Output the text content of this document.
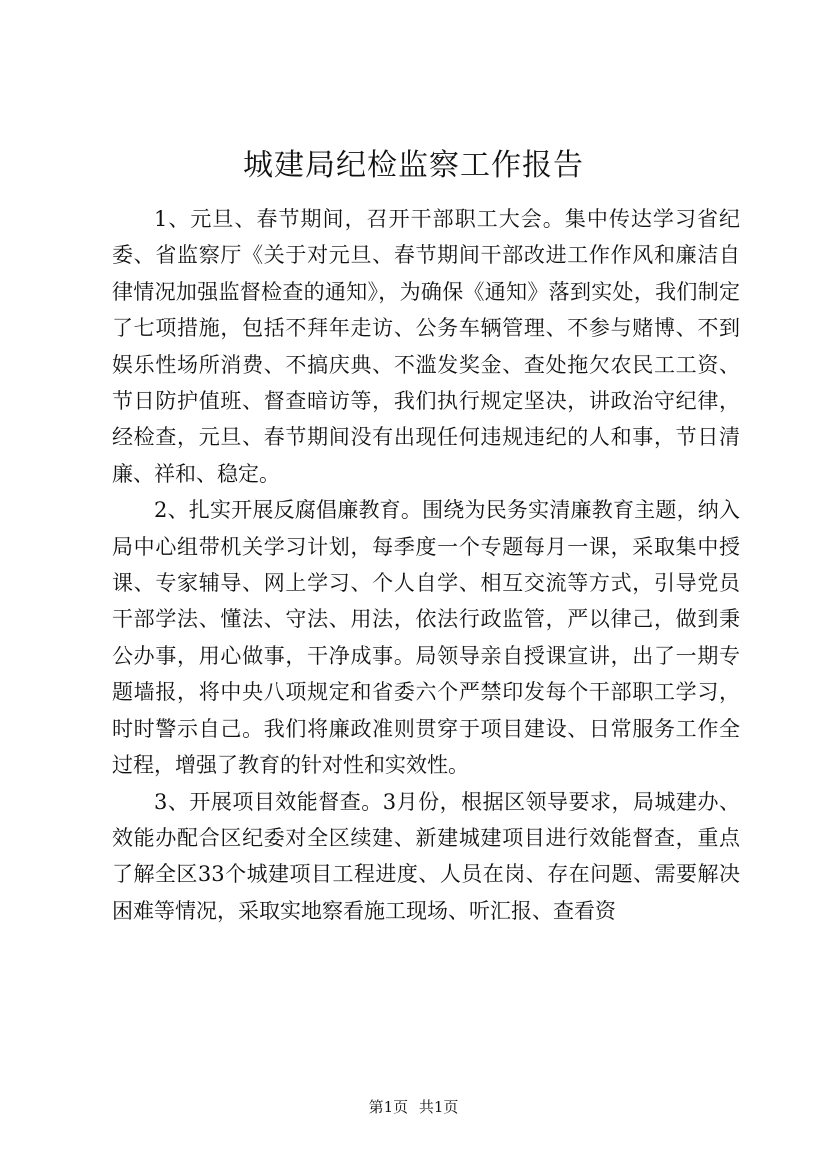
城建局纪检监察工作报告

1、元旦、春节期间，召开干部职工大会。集中传达学习省纪委、省监察厅《关于对元旦、春节期间干部改进工作作风和廉洁自律情况加强监督检查的通知》，为确保《通知》落到实处，我们制定了七项措施，包括不拜年走访、公务车辆管理、不参与赌博、不到娱乐性场所消费、不搞庆典、不滥发奖金、查处拖欠农民工工资、节日防护值班、督查暗访等，我们执行规定坚决，讲政治守纪律，经检查，元旦、春节期间没有出现任何违规违纪的人和事，节日清廉、祥和、稳定。

2、扎实开展反腐倡廉教育。围绕为民务实清廉教育主题，纳入局中心组带机关学习计划，每季度一个专题每月一课，采取集中授课、专家辅导、网上学习、个人自学、相互交流等方式，引导党员干部学法、懂法、守法、用法，依法行政监管，严以律己，做到秉公办事，用心做事，干净成事。局领导亲自授课宣讲，出了一期专题墙报，将中央八项规定和省委六个严禁印发每个干部职工学习，时时警示自己。我们将廉政准则贯穿于项目建设、日常服务工作全过程，增强了教育的针对性和实效性。

3、开展项目效能督查。3月份，根据区领导要求，局城建办、效能办配合区纪委对全区续建、新建城建项目进行效能督查，重点了解全区33个城建项目工程进度、人员在岗、存在问题、需要解决困难等情况，采取实地察看施工现场、听汇报、查看资

第1页 共1页
